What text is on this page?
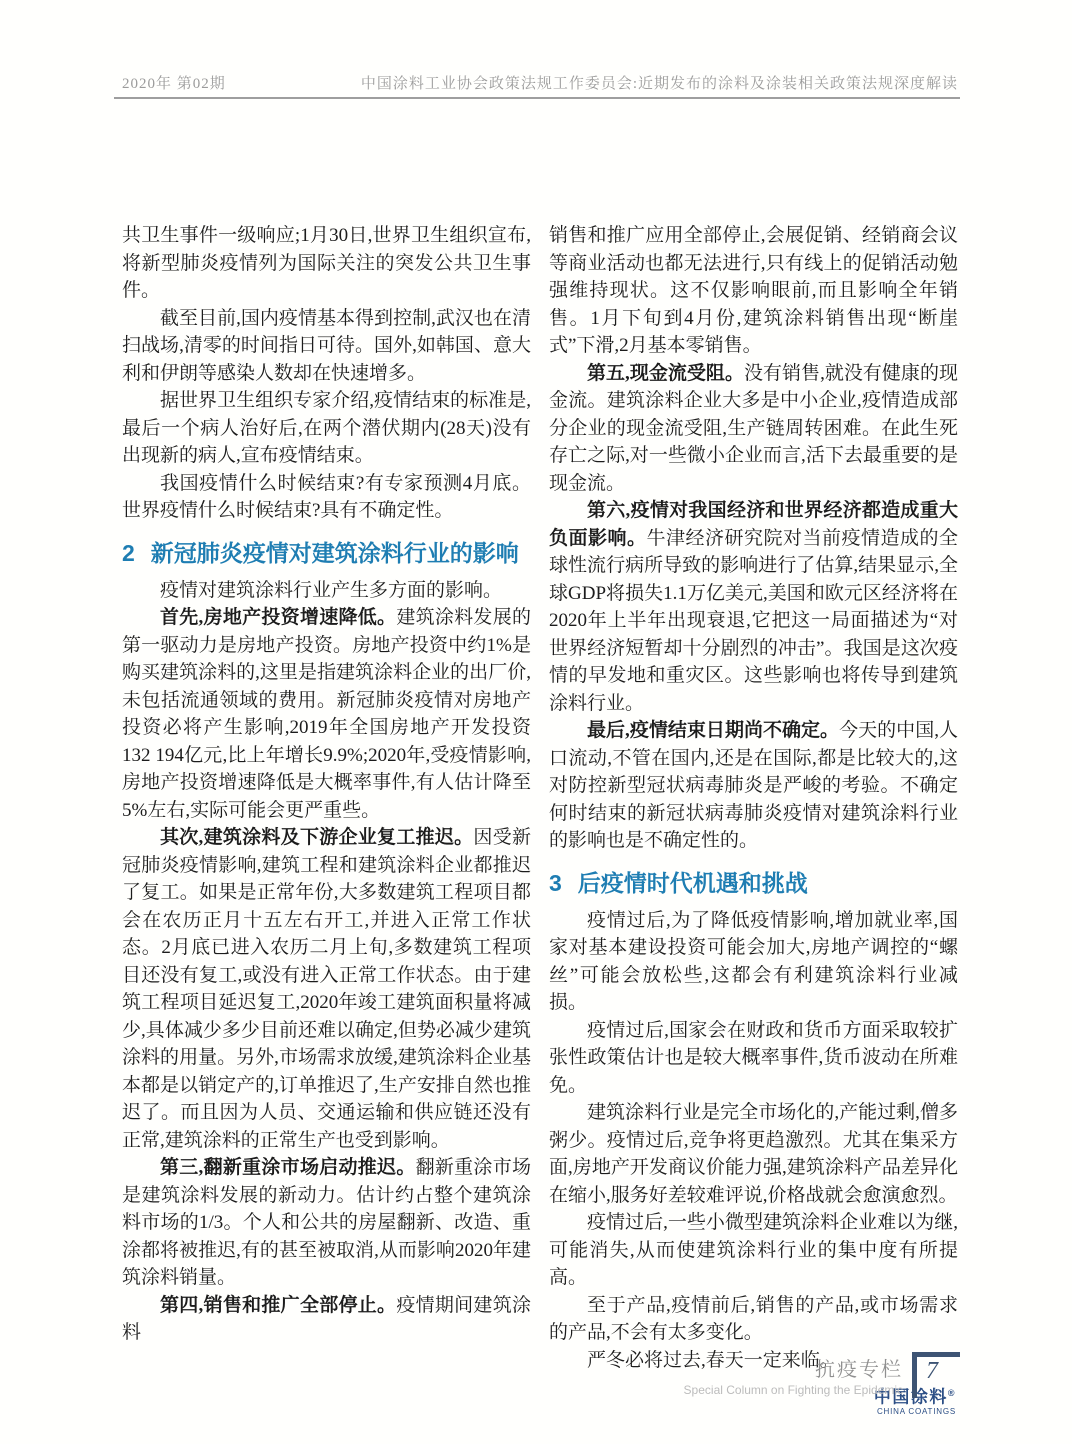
2020年 第02期	中国涂料工业协会政策法规工作委员会:近期发布的涂料及涂装相关政策法规深度解读

共卫生事件一级响应;1月30日,世界卫生组织宣布,将新型肺炎疫情列为国际关注的突发公共卫生事件。

截至目前,国内疫情基本得到控制,武汉也在清扫战场,清零的时间指日可待。国外,如韩国、意大利和伊朗等感染人数却在快速增多。

据世界卫生组织专家介绍,疫情结束的标准是,最后一个病人治好后,在两个潜伏期内(28天)没有出现新的病人,宣布疫情结束。

我国疫情什么时候结束?有专家预测4月底。世界疫情什么时候结束?具有不确定性。

2 新冠肺炎疫情对建筑涂料行业的影响

疫情对建筑涂料行业产生多方面的影响。

首先,房地产投资增速降低。建筑涂料发展的第一驱动力是房地产投资。房地产投资中约1%是购买建筑涂料的,这里是指建筑涂料企业的出厂价,未包括流通领域的费用。新冠肺炎疫情对房地产投资必将产生影响,2019年全国房地产开发投资132 194亿元,比上年增长9.9%;2020年,受疫情影响,房地产投资增速降低是大概率事件,有人估计降至5%左右,实际可能会更严重些。

其次,建筑涂料及下游企业复工推迟。因受新冠肺炎疫情影响,建筑工程和建筑涂料企业都推迟了复工。如果是正常年份,大多数建筑工程项目都会在农历正月十五左右开工,并进入正常工作状态。2月底已进入农历二月上旬,多数建筑工程项目还没有复工,或没有进入正常工作状态。由于建筑工程项目延迟复工,2020年竣工建筑面积量将减少,具体减少多少目前还难以确定,但势必减少建筑涂料的用量。另外,市场需求放缓,建筑涂料企业基本都是以销定产的,订单推迟了,生产安排自然也推迟了。而且因为人员、交通运输和供应链还没有正常,建筑涂料的正常生产也受到影响。

第三,翻新重涂市场启动推迟。翻新重涂市场是建筑涂料发展的新动力。估计约占整个建筑涂料市场的1/3。个人和公共的房屋翻新、改造、重涂都将被推迟,有的甚至被取消,从而影响2020年建筑涂料销量。

第四,销售和推广全部停止。疫情期间建筑涂料

销售和推广应用全部停止,会展促销、经销商会议等商业活动也都无法进行,只有线上的促销活动勉强维持现状。这不仅影响眼前,而且影响全年销售。1月下旬到4月份,建筑涂料销售出现“断崖式”下滑,2月基本零销售。

第五,现金流受阻。没有销售,就没有健康的现金流。建筑涂料企业大多是中小企业,疫情造成部分企业的现金流受阻,生产链周转困难。在此生死存亡之际,对一些微小企业而言,活下去最重要的是现金流。

第六,疫情对我国经济和世界经济都造成重大负面影响。牛津经济研究院对当前疫情造成的全球性流行病所导致的影响进行了估算,结果显示,全球GDP将损失1.1万亿美元,美国和欧元区经济将在2020年上半年出现衰退,它把这一局面描述为“对世界经济短暂却十分剧烈的冲击”。我国是这次疫情的早发地和重灾区。这些影响也将传导到建筑涂料行业。

最后,疫情结束日期尚不确定。今天的中国,人口流动,不管在国内,还是在国际,都是比较大的,这对防控新型冠状病毒肺炎是严峻的考验。不确定何时结束的新冠状病毒肺炎疫情对建筑涂料行业的影响也是不确定性的。

3 后疫情时代机遇和挑战

疫情过后,为了降低疫情影响,增加就业率,国家对基本建设投资可能会加大,房地产调控的“螺丝”可能会放松些,这都会有利建筑涂料行业减损。

疫情过后,国家会在财政和货币方面采取较扩张性政策估计也是较大概率事件,货币波动在所难免。

建筑涂料行业是完全市场化的,产能过剩,僧多粥少。疫情过后,竞争将更趋激烈。尤其在集采方面,房地产开发商议价能力强,建筑涂料产品差异化在缩小,服务好差较难评说,价格战就会愈演愈烈。

疫情过后,一些小微型建筑涂料企业难以为继,可能消失,从而使建筑涂料行业的集中度有所提高。

至于产品,疫情前后,销售的产品,或市场需求的产品,不会有太多变化。

严冬必将过去,春天一定来临。

中国涂料®
CHINA COATINGS
抗疫专栏
Special Column on Fighting the Epidemic
7
